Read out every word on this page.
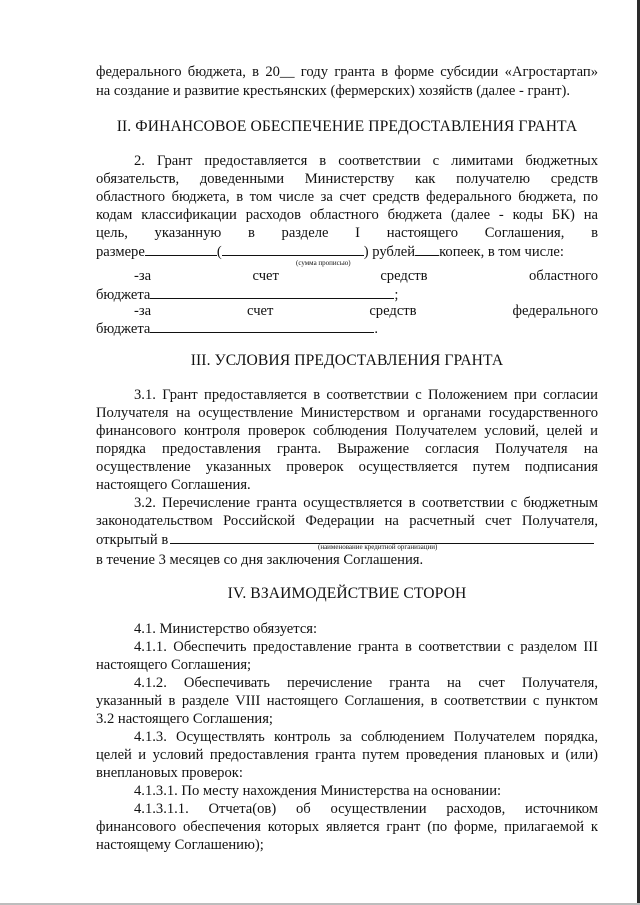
федерального бюджета, в 20__ году гранта в форме субсидии «Агростартап»
на создание и развитие крестьянских (фермерских) хозяйств (далее - грант).
II. ФИНАНСОВОЕ ОБЕСПЕЧЕНИЕ ПРЕДОСТАВЛЕНИЯ ГРАНТА
2. Грант предоставляется в соответствии с лимитами бюджетных
обязательств, доведенными Министерству как получателю средств
областного бюджета, в том числе за счет средств федерального бюджета, по
кодам классификации расходов областного бюджета (далее - коды БК) на
цель, указанную в разделе I настоящего Соглашения, в
размере	(	) рублей копеек, в том числе:
(сумма прописью)
-за счет средств областного
бюджета	;
-за счет средств федерального
бюджета	.
III. УСЛОВИЯ ПРЕДОСТАВЛЕНИЯ ГРАНТА
3.1. Грант предоставляется в соответствии с Положением при согласии
Получателя на осуществление Министерством и органами государственного
финансового контроля проверок соблюдения Получателем условий, целей и
порядка предоставления гранта. Выражение согласия Получателя на
осуществление указанных проверок осуществляется путем подписания
настоящего Соглашения.
3.2. Перечисление гранта осуществляется в соответствии с бюджетным
законодательством Российской Федерации на расчетный счет Получателя,
открытый в	(наименование кредитной организации)
в течение 3 месяцев со дня заключения Соглашения.
IV. ВЗАИМОДЕЙСТВИЕ СТОРОН
4.1. Министерство обязуется:
4.1.1. Обеспечить предоставление гранта в соответствии с разделом III
настоящего Соглашения;
4.1.2. Обеспечивать перечисление гранта на счет Получателя,
указанный в разделе VIII настоящего Соглашения, в соответствии с пунктом
3.2 настоящего Соглашения;
4.1.3. Осуществлять контроль за соблюдением Получателем порядка,
целей и условий предоставления гранта путем проведения плановых и (или)
внеплановых проверок:
4.1.3.1. По месту нахождения Министерства на основании:
4.1.3.1.1. Отчета(ов) об осуществлении расходов, источником
финансового обеспечения которых является грант (по форме, прилагаемой к
настоящему Соглашению);
